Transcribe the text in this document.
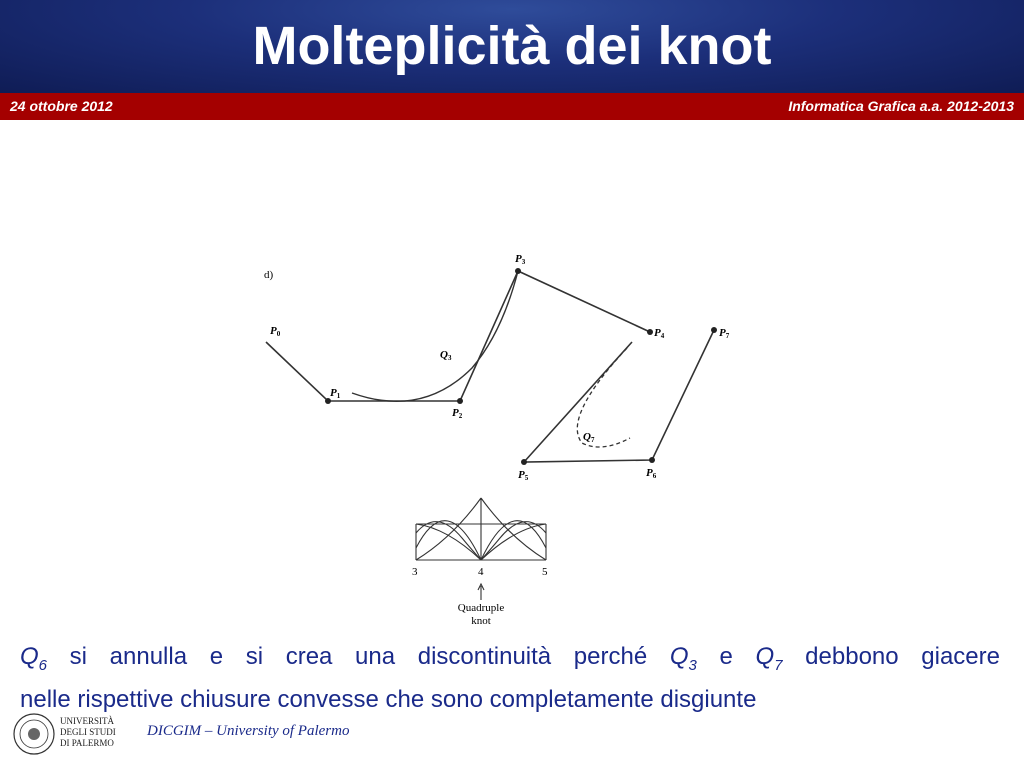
Molteplicità dei knot
24 ottobre 2012	Informatica Grafica a.a. 2012-2013
d)
P0
P1
P2
P3
P4
P5	P6
P7
Q3
Q7
3	4	5
Quadruple
knot
$Q_6$ si annulla e si crea una discontinuità perché $Q_3$ e $Q_7$ debbono giacere
nelle rispettive chiusure convesse che sono completamente disgiunte
UNIVERSITÀ
DEGLI STUDI
DI PALERMO
DICGIM – University of Palermo
